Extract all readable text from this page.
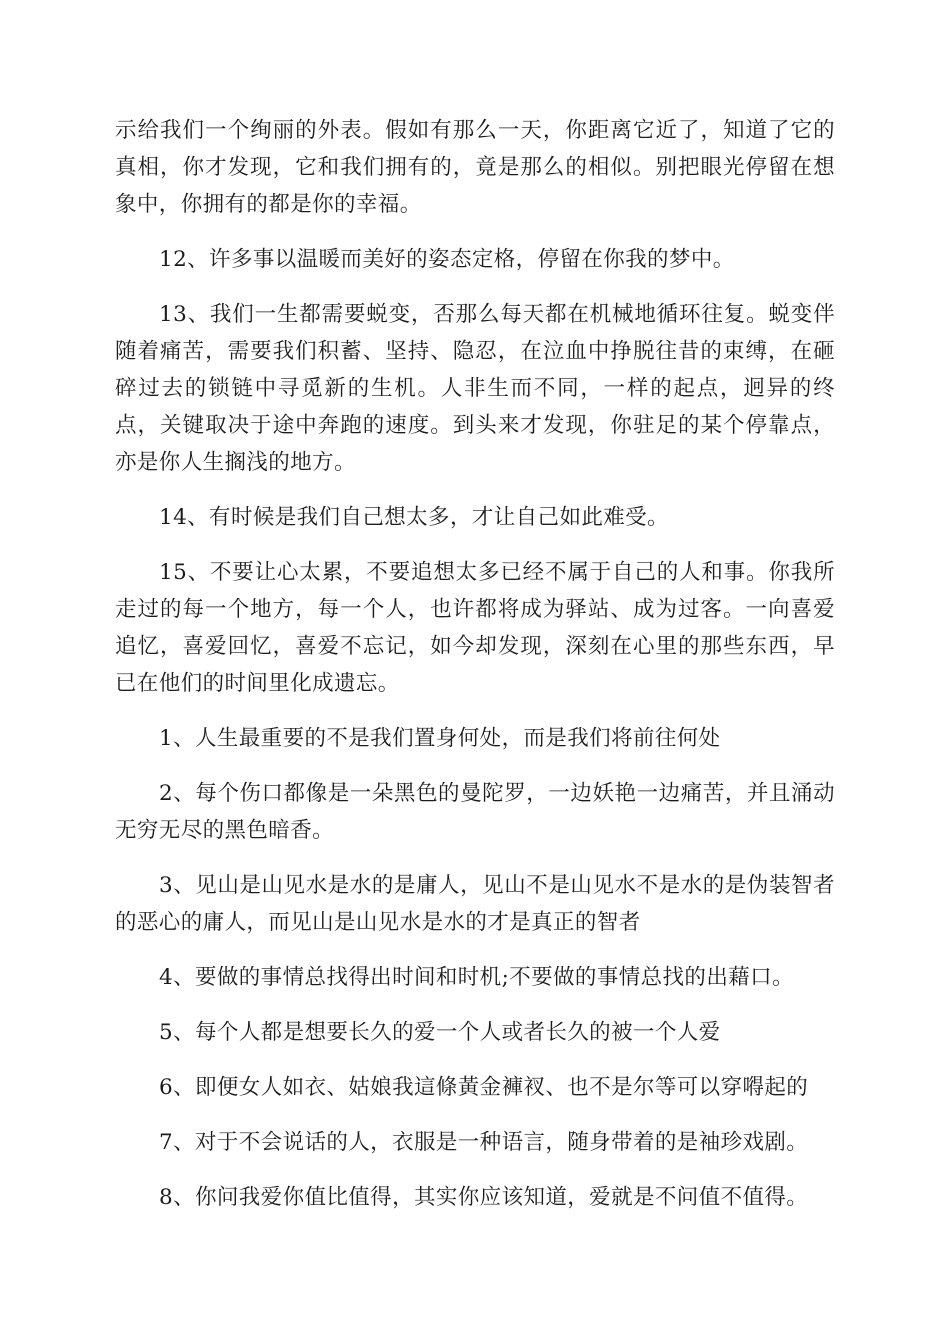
示给我们一个绚丽的外表。假如有那么一天，你距离它近了，知道了它的真相，你才发现，它和我们拥有的，竟是那么的相似。别把眼光停留在想象中，你拥有的都是你的幸福。

12、许多事以温暖而美好的姿态定格，停留在你我的梦中。

13、我们一生都需要蜕变，否那么每天都在机械地循环往复。蜕变伴随着痛苦，需要我们积蓄、坚持、隐忍，在泣血中挣脱往昔的束缚，在砸碎过去的锁链中寻觅新的生机。人非生而不同，一样的起点，迥异的终点，关键取决于途中奔跑的速度。到头来才发现，你驻足的某个停靠点，亦是你人生搁浅的地方。

14、有时候是我们自己想太多，才让自己如此难受。

15、不要让心太累，不要追想太多已经不属于自己的人和事。你我所走过的每一个地方，每一个人，也许都将成为驿站、成为过客。一向喜爱追忆，喜爱回忆，喜爱不忘记，如今却发现，深刻在心里的那些东西，早已在他们的时间里化成遗忘。

1、人生最重要的不是我们置身何处，而是我们将前往何处

2、每个伤口都像是一朵黑色的曼陀罗，一边妖艳一边痛苦，并且涌动无穷无尽的黑色暗香。

3、见山是山见水是水的是庸人，见山不是山见水不是水的是伪装智者的恶心的庸人，而见山是山见水是水的才是真正的智者

4、要做的事情总找得出时间和时机;不要做的事情总找的出藉口。

5、每个人都是想要长久的爱一个人或者长久的被一个人爱

6、即便女人如衣、姑娘我這條黃金褲衩、也不是尔等可以穿嘚起的

7、对于不会说话的人，衣服是一种语言，随身带着的是袖珍戏剧。

8、你问我爱你值比值得，其实你应该知道，爱就是不问值不值得。
